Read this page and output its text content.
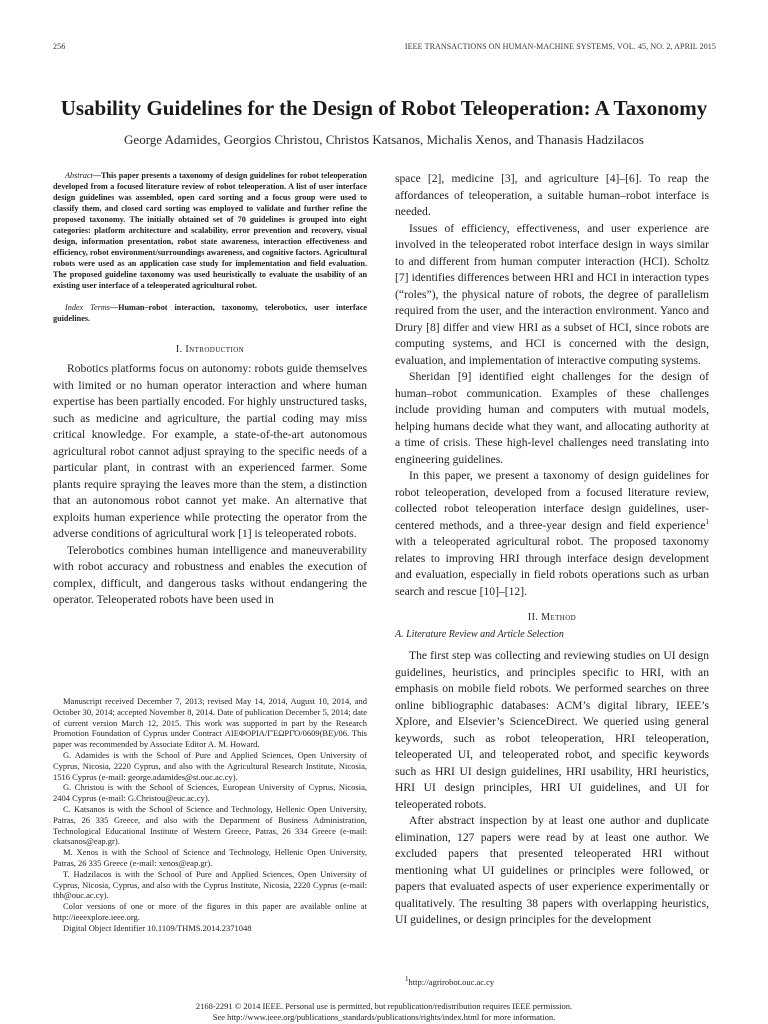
256	IEEE TRANSACTIONS ON HUMAN-MACHINE SYSTEMS, VOL. 45, NO. 2, APRIL 2015
Usability Guidelines for the Design of Robot Teleoperation: A Taxonomy
George Adamides, Georgios Christou, Christos Katsanos, Michalis Xenos, and Thanasis Hadzilacos

Abstract—This paper presents a taxonomy of design guidelines for robot teleoperation developed from a focused literature review of robot teleoperation. A list of user interface design guidelines was assembled, open card sorting and a focus group were used to classify them, and closed card sorting was employed to validate and further refine the proposed taxonomy. The initially obtained set of 70 guidelines is grouped into eight categories: platform architecture and scalability, error prevention and recovery, visual design, information presentation, robot state awareness, interaction effectiveness and efficiency, robot environment/surroundings awareness, and cognitive factors. Agricultural robots were used as an application case study for implementation and field evaluation. The proposed guideline taxonomy was used heuristically to evaluate the usability of an existing user interface of a teleoperated agricultural robot.

Index Terms—Human–robot interaction, taxonomy, telerobotics, user interface guidelines.

I. Introduction

Robotics platforms focus on autonomy: robots guide themselves with limited or no human operator interaction and where human expertise has been partially encoded. For highly unstructured tasks, such as medicine and agriculture, the partial coding may miss critical knowledge. For example, a state-of-the-art autonomous agricultural robot cannot adjust spraying to the specific needs of a particular plant, in contrast with an experienced farmer. Some plants require spraying the leaves more than the stem, a distinction that an autonomous robot cannot yet make. An alternative that exploits human experience while protecting the operator from the adverse conditions of agricultural work [1] is teleoperated robots.

Telerobotics combines human intelligence and maneuverability with robot accuracy and robustness and enables the execution of complex, difficult, and dangerous tasks without endangering the operator. Teleoperated robots have been used in

Manuscript received December 7, 2013; revised May 14, 2014, August 10, 2014, and October 30, 2014; accepted November 8, 2014. Date of publication December 5, 2014; date of current version March 12, 2015. This work was supported in part by the Research Promotion Foundation of Cyprus under Contract ΑΙΕΦΟΡΙΑ/ΓΈΩΡΓΌ/0609(ΒΕ)/06. This paper was recommended by Associate Editor A. M. Howard.

G. Adamides is with the School of Pure and Applied Sciences, Open University of Cyprus, Nicosia, 2220 Cyprus, and also with the Agricultural Research Institute, Nicosia, 1516 Cyprus (e-mail: george.adamides@st.ouc.ac.cy).

G. Christou is with the School of Sciences, European University of Cyprus, Nicosia, 2404 Cyprus (e-mail: G.Christou@euc.ac.cy).

C. Katsanos is with the School of Science and Technology, Hellenic Open University, Patras, 26 335 Greece, and also with the Department of Business Administration, Technological Educational Institute of Western Greece, Patras, 26 334 Greece (e-mail: ckatsanos@eap.gr).

M. Xenos is with the School of Science and Technology, Hellenic Open University, Patras, 26 335 Greece (e-mail: xenos@eap.gr).

T. Hadzilacos is with the School of Pure and Applied Sciences, Open University of Cyprus, Nicosia, Cyprus, and also with the Cyprus Institute, Nicosia, 2220 Cyprus (e-mail: thh@ouc.ac.cy).

Color versions of one or more of the figures in this paper are available online at http://ieeexplore.ieee.org.

Digital Object Identifier 10.1109/THMS.2014.2371048

space [2], medicine [3], and agriculture [4]–[6]. To reap the affordances of teleoperation, a suitable human–robot interface is needed.

Issues of efficiency, effectiveness, and user experience are involved in the teleoperated robot interface design in ways similar to and different from human computer interaction (HCI). Scholtz [7] identifies differences between HRI and HCI in interaction types (“roles”), the physical nature of robots, the degree of parallelism required from the user, and the interaction environment. Yanco and Drury [8] differ and view HRI as a subset of HCI, since robots are computing systems, and HCI is concerned with the design, evaluation, and implementation of interactive computing systems.

Sheridan [9] identified eight challenges for the design of human–robot communication. Examples of these challenges include providing human and computers with mutual models, helping humans decide what they want, and allocating authority at a time of crisis. These high-level challenges need translating into engineering guidelines.

In this paper, we present a taxonomy of design guidelines for robot teleoperation, developed from a focused literature review, collected robot teleoperation interface design guidelines, user-centered methods, and a three-year design and field experience$^1$ with a teleoperated agricultural robot. The proposed taxonomy relates to improving HRI through interface design development and evaluation, especially in field robots operations such as urban search and rescue [10]–[12].

II. Method
A. Literature Review and Article Selection

The first step was collecting and reviewing studies on UI design guidelines, heuristics, and principles specific to HRI, with an emphasis on mobile field robots. We performed searches on three online bibliographic databases: ACM’s digital library, IEEE’s Xplore, and Elsevier’s ScienceDirect. We queried using general keywords, such as robot teleoperation, HRI teleoperation, teleoperated UI, and teleoperated robot, and specific keywords such as HRI UI design guidelines, HRI usability, HRI heuristics, HRI UI design principles, HRI UI guidelines, and UI for teleoperated robots.

After abstract inspection by at least one author and duplicate elimination, 127 papers were read by at least one author. We excluded papers that presented teleoperated HRI without mentioning what UI guidelines or principles were followed, or papers that evaluated aspects of user experience experimentally or qualitatively. The resulting 38 papers with overlapping heuristics, UI guidelines, or design principles for the development

$^1$http://agrirobot.ouc.ac.cy
2168-2291 © 2014 IEEE. Personal use is permitted, but republication/redistribution requires IEEE permission.
See http://www.ieee.org/publications_standards/publications/rights/index.html for more information.
